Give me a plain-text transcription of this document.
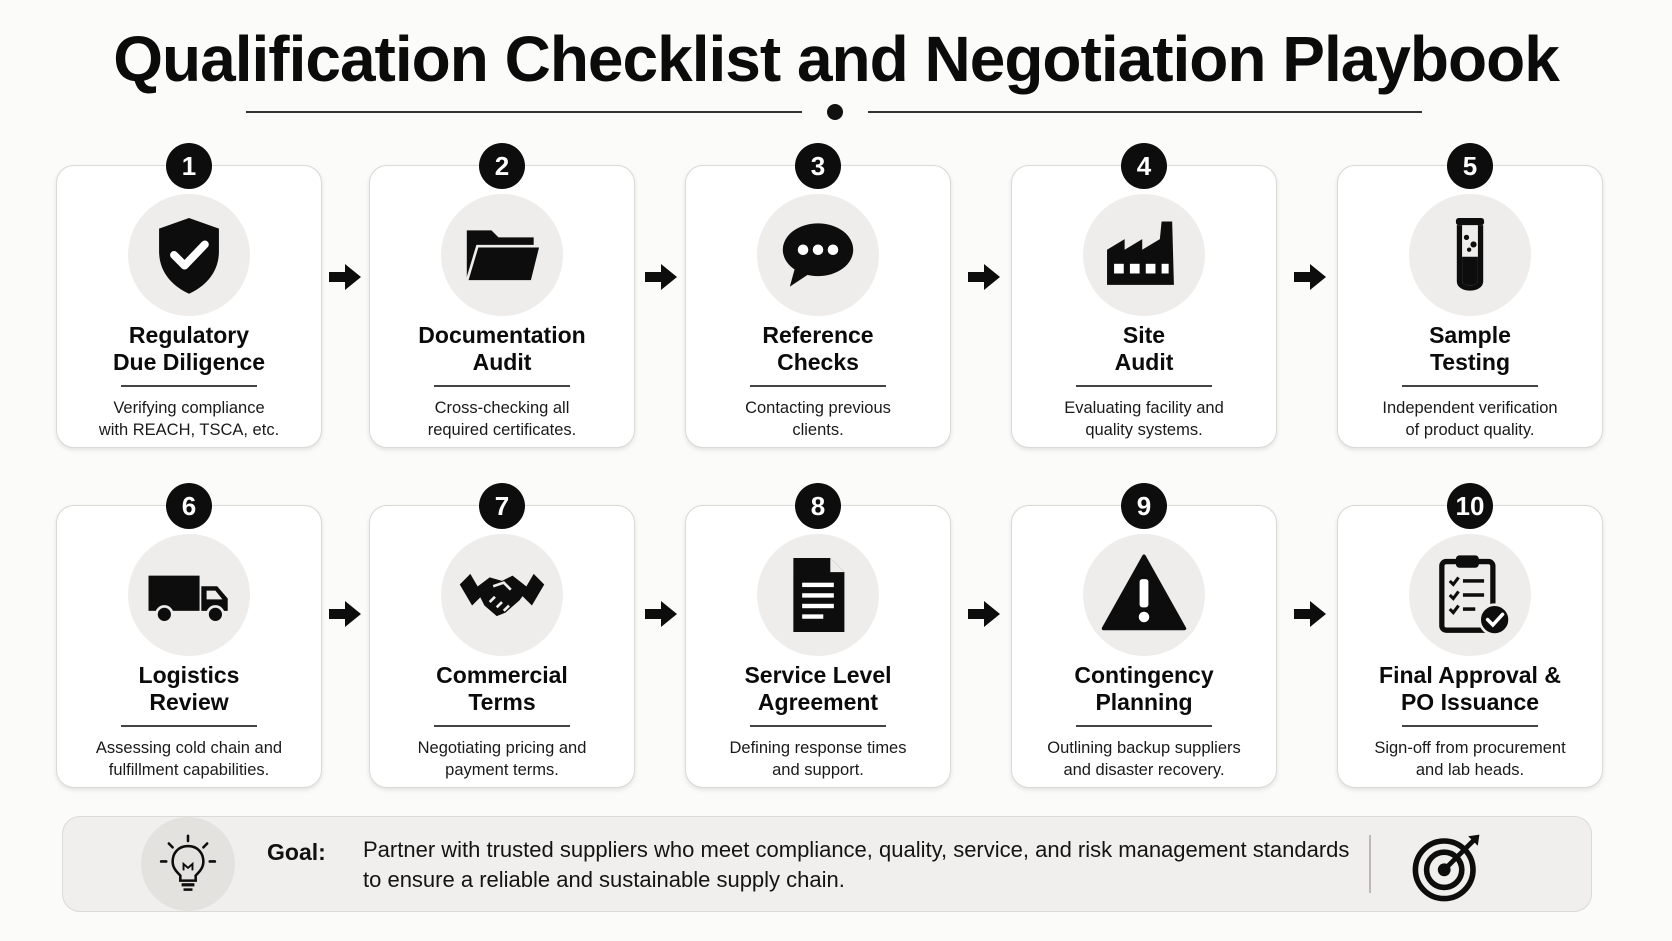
Qualification Checklist and Negotiation Playbook
1
Regulatory
Due Diligence
Verifying compliance
with REACH, TSCA, etc.
2
Documentation
Audit
Cross-checking all
required certificates.
3
Reference
Checks
Contacting previous
clients.
4
Site
Audit
Evaluating facility and
quality systems.
5
Sample
Testing
Independent verification
of product quality.
6
Logistics
Review
Assessing cold chain and
fulfillment capabilities.
7
Commercial
Terms
Negotiating pricing and
payment terms.
8
Service Level
Agreement
Defining response times
and support.
9
Contingency
Planning
Outlining backup suppliers
and disaster recovery.
10
Final Approval &
PO Issuance
Sign-off from procurement
and lab heads.
Goal: Partner with trusted suppliers who meet compliance, quality, service, and risk management standards
to ensure a reliable and sustainable supply chain.
